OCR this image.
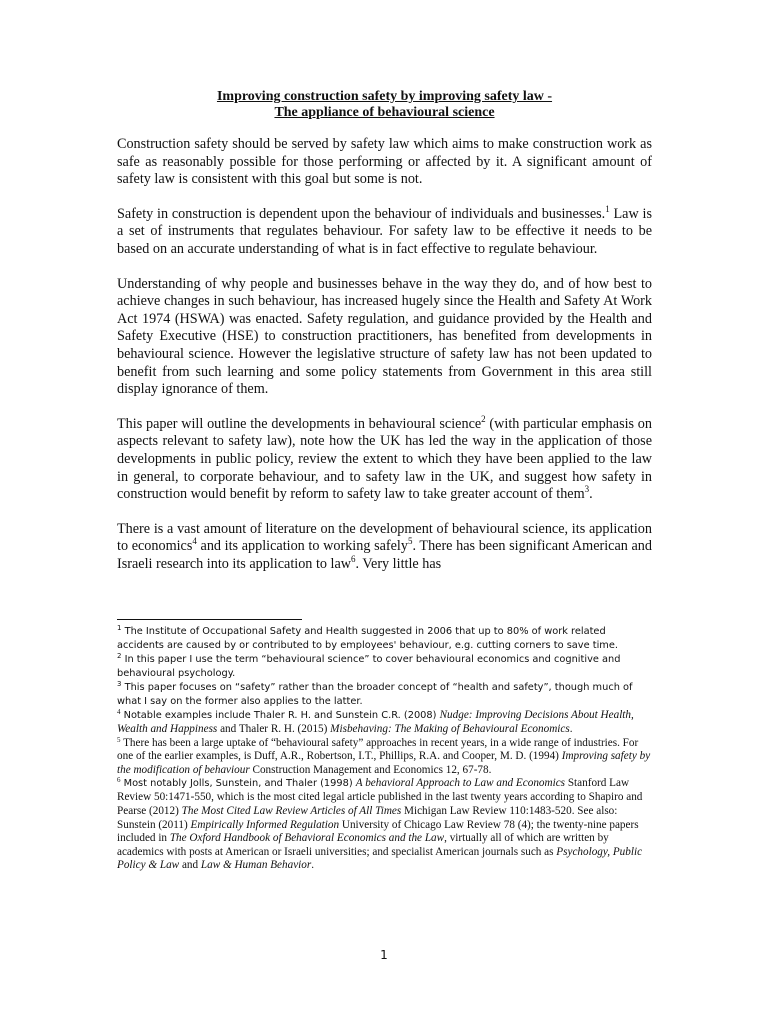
Improving construction safety by improving safety law -
The appliance of behavioural science

Construction safety should be served by safety law which aims to make construction work as safe as reasonably possible for those performing or affected by it. A significant amount of safety law is consistent with this goal but some is not.

Safety in construction is dependent upon the behaviour of individuals and businesses.$^1$ Law is a set of instruments that regulates behaviour. For safety law to be effective it needs to be based on an accurate understanding of what is in fact effective to regulate behaviour.

Understanding of why people and businesses behave in the way they do, and of how best to achieve changes in such behaviour, has increased hugely since the Health and Safety At Work Act 1974 (HSWA) was enacted. Safety regulation, and guidance provided by the Health and Safety Executive (HSE) to construction practitioners, has benefited from developments in behavioural science. However the legislative structure of safety law has not been updated to benefit from such learning and some policy statements from Government in this area still display ignorance of them.

This paper will outline the developments in behavioural science$^2$ (with particular emphasis on aspects relevant to safety law), note how the UK has led the way in the application of those developments in public policy, review the extent to which they have been applied to the law in general, to corporate behaviour, and to safety law in the UK, and suggest how safety in construction would benefit by reform to safety law to take greater account of them$^3$.

There is a vast amount of literature on the development of behavioural science, its application to economics$^4$ and its application to working safely$^5$. There has been significant American and Israeli research into its application to law$^6$. Very little has

$^1$ The Institute of Occupational Safety and Health suggested in 2006 that up to 80% of work related accidents are caused by or contributed to by employees' behaviour, e.g. cutting corners to save time.

$^2$ In this paper I use the term “behavioural science” to cover behavioural economics and cognitive and behavioural psychology.

$^3$ This paper focuses on “safety” rather than the broader concept of “health and safety”, though much of what I say on the former also applies to the latter.

$^4$ Notable examples include Thaler R. H. and Sunstein C.R. (2008) Nudge: Improving Decisions About Health, Wealth and Happiness and Thaler R. H. (2015) Misbehaving: The Making of Behavioural Economics.

$^5$ There has been a large uptake of “behavioural safety” approaches in recent years, in a wide range of industries. For one of the earlier examples, is Duff, A.R., Robertson, I.T., Phillips, R.A. and Cooper, M. D. (1994) Improving safety by the modification of behaviour Construction Management and Economics 12, 67-78.

$^6$ Most notably Jolls, Sunstein, and Thaler (1998) A behavioral Approach to Law and Economics Stanford Law Review 50:1471-550, which is the most cited legal article published in the last twenty years according to Shapiro and Pearse (2012) The Most Cited Law Review Articles of All Times Michigan Law Review 110:1483-520. See also: Sunstein (2011) Empirically Informed Regulation University of Chicago Law Review 78 (4); the twenty-nine papers included in The Oxford Handbook of Behavioral Economics and the Law, virtually all of which are written by academics with posts at American or Israeli universities; and specialist American journals such as Psychology, Public Policy & Law and Law & Human Behavior.

1
